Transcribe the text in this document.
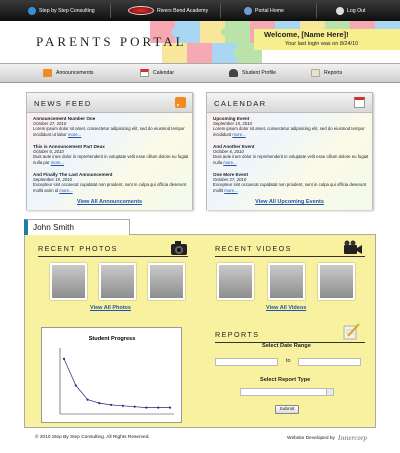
Step by Step Consulting	Rivers Bend Academy	Portal Home	Log Out
PARENTS PORTAL	Welcome, [Name Here]!
Your last login was on 8/24/10
Announcements	Calendar	Student Profile	Reports
NEWS FEED
Announcement Number One
October 27, 2010
Lorem ipsum dolor sit amet, consectetur adipisicing elit, sed do eiusmod tempor incididunt ut labor more...
This is Announcement Part Deux
October 6, 2010
Duis aute irure dolor in reprehenderit in voluptate velit esse cillum dolore eu fugiat nulla par more...
And Finally The Last Announcement
September 15, 2010
Excepteur sint occaecat cupidatat non proident, sunt in culpa qui officia deserunt mollit anim id more...
View All Announcements
CALENDAR
Upcoming Event
September 15, 2010
Lorem ipsum dolor sit amet, consectetur adipisicing elit, sed do eiusmod tempor incididunt more...
And Another Event
October 6, 2010
Duis aute irure dolor in reprehenderit in voluptate velit esse cillum dolore eu fugiat nulla more...
One More Event
October 27, 2010
Excepteur sint occaecat cupidatat non proident, sunt in culpa qui officia deserunt mollit more...
View All Upcoming Events
John Smith
RECENT PHOTOS	RECENT VIDEOS
View All Photos	View All Videos
Student Progress	REPORTS
Select Date Range
to
Select Report Type
Submit
© 2010 Step By Step Consulting. All Rights Reserved.	Website Developed by Innercorp
